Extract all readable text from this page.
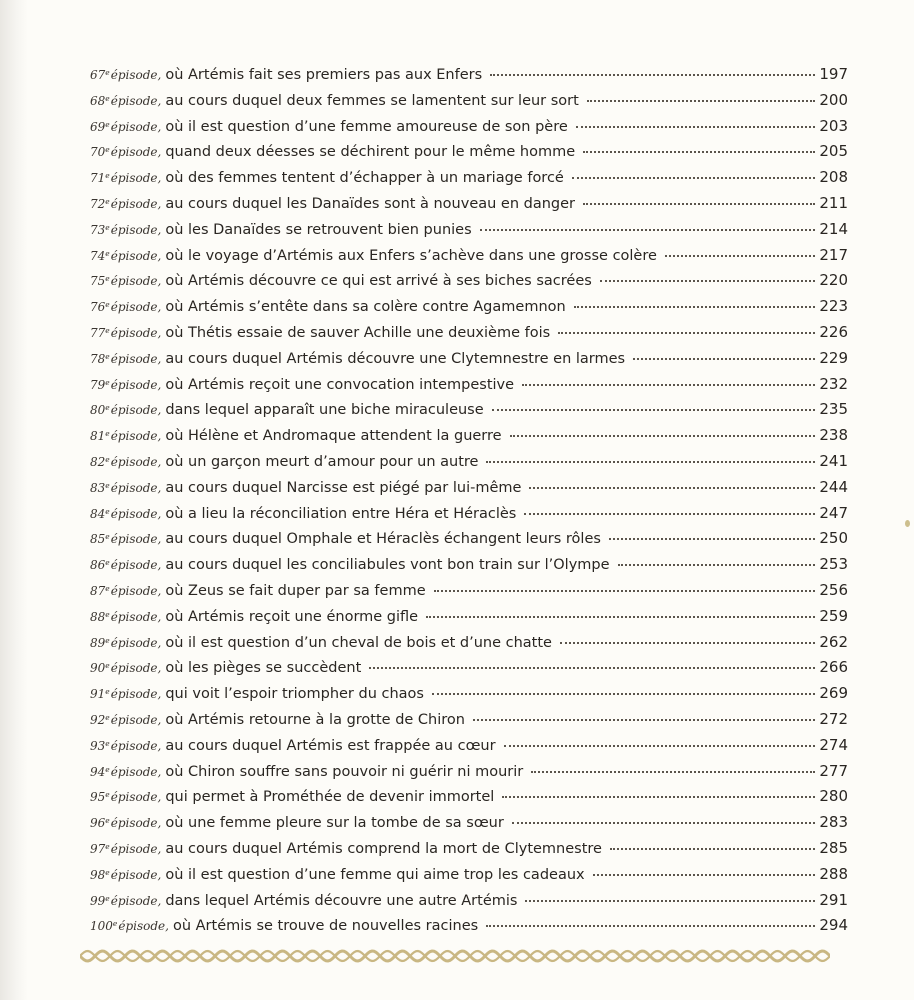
67eépisode, où Artémis fait ses premiers pas aux Enfers	197
68eépisode, au cours duquel deux femmes se lamentent sur leur sort	200
69eépisode, où il est question d’une femme amoureuse de son père	203
70eépisode, quand deux déesses se déchirent pour le même homme	205
71eépisode, où des femmes tentent d’échapper à un mariage forcé	208
72eépisode, au cours duquel les Danaïdes sont à nouveau en danger	211
73eépisode, où les Danaïdes se retrouvent bien punies	214
74eépisode, où le voyage d’Artémis aux Enfers s’achève dans une grosse colère	217
75eépisode, où Artémis découvre ce qui est arrivé à ses biches sacrées	220
76eépisode, où Artémis s’entête dans sa colère contre Agamemnon	223
77eépisode, où Thétis essaie de sauver Achille une deuxième fois	226
78eépisode, au cours duquel Artémis découvre une Clytemnestre en larmes	229
79eépisode, où Artémis reçoit une convocation intempestive	232
80eépisode, dans lequel apparaît une biche miraculeuse	235
81eépisode, où Hélène et Andromaque attendent la guerre	238
82eépisode, où un garçon meurt d’amour pour un autre	241
83eépisode, au cours duquel Narcisse est piégé par lui-même	244
84eépisode, où a lieu la réconciliation entre Héra et Héraclès	247
85eépisode, au cours duquel Omphale et Héraclès échangent leurs rôles	250
86eépisode, au cours duquel les conciliabules vont bon train sur l’Olympe	253
87eépisode, où Zeus se fait duper par sa femme	256
88eépisode, où Artémis reçoit une énorme gifle	259
89eépisode, où il est question d’un cheval de bois et d’une chatte	262
90eépisode, où les pièges se succèdent	266
91eépisode, qui voit l’espoir triompher du chaos	269
92eépisode, où Artémis retourne à la grotte de Chiron	272
93eépisode, au cours duquel Artémis est frappée au cœur	274
94eépisode, où Chiron souffre sans pouvoir ni guérir ni mourir	277
95eépisode, qui permet à Prométhée de devenir immortel	280
96eépisode, où une femme pleure sur la tombe de sa sœur	283
97eépisode, au cours duquel Artémis comprend la mort de Clytemnestre	285
98eépisode, où il est question d’une femme qui aime trop les cadeaux	288
99eépisode, dans lequel Artémis découvre une autre Artémis	291
100eépisode, où Artémis se trouve de nouvelles racines	294
